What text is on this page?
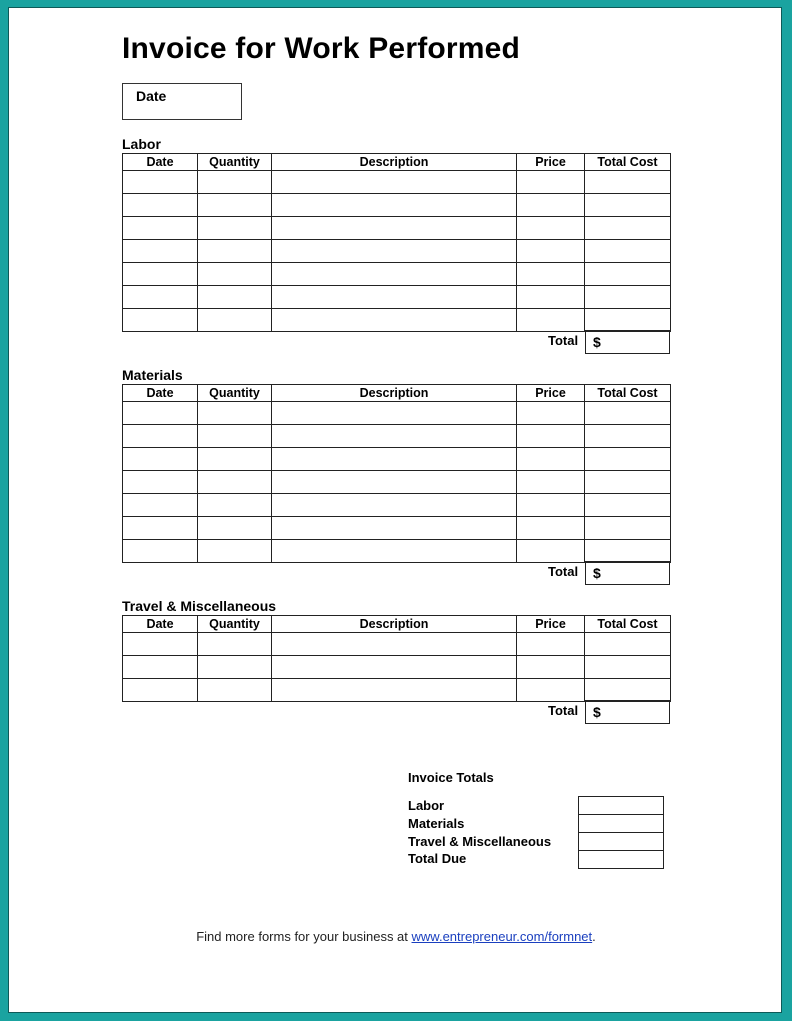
Invoice for Work Performed
Date
Labor
Date	Quantity	Description	Price	Total Cost

Total	$
Materials
Date	Quantity	Description	Price	Total Cost

Total	$
Travel & Miscellaneous
Date	Quantity	Description	Price	Total Cost

Total	$
Invoice Totals
Labor
Materials
Travel & Miscellaneous
Total Due
Find more forms for your business at www.entrepreneur.com/formnet.
